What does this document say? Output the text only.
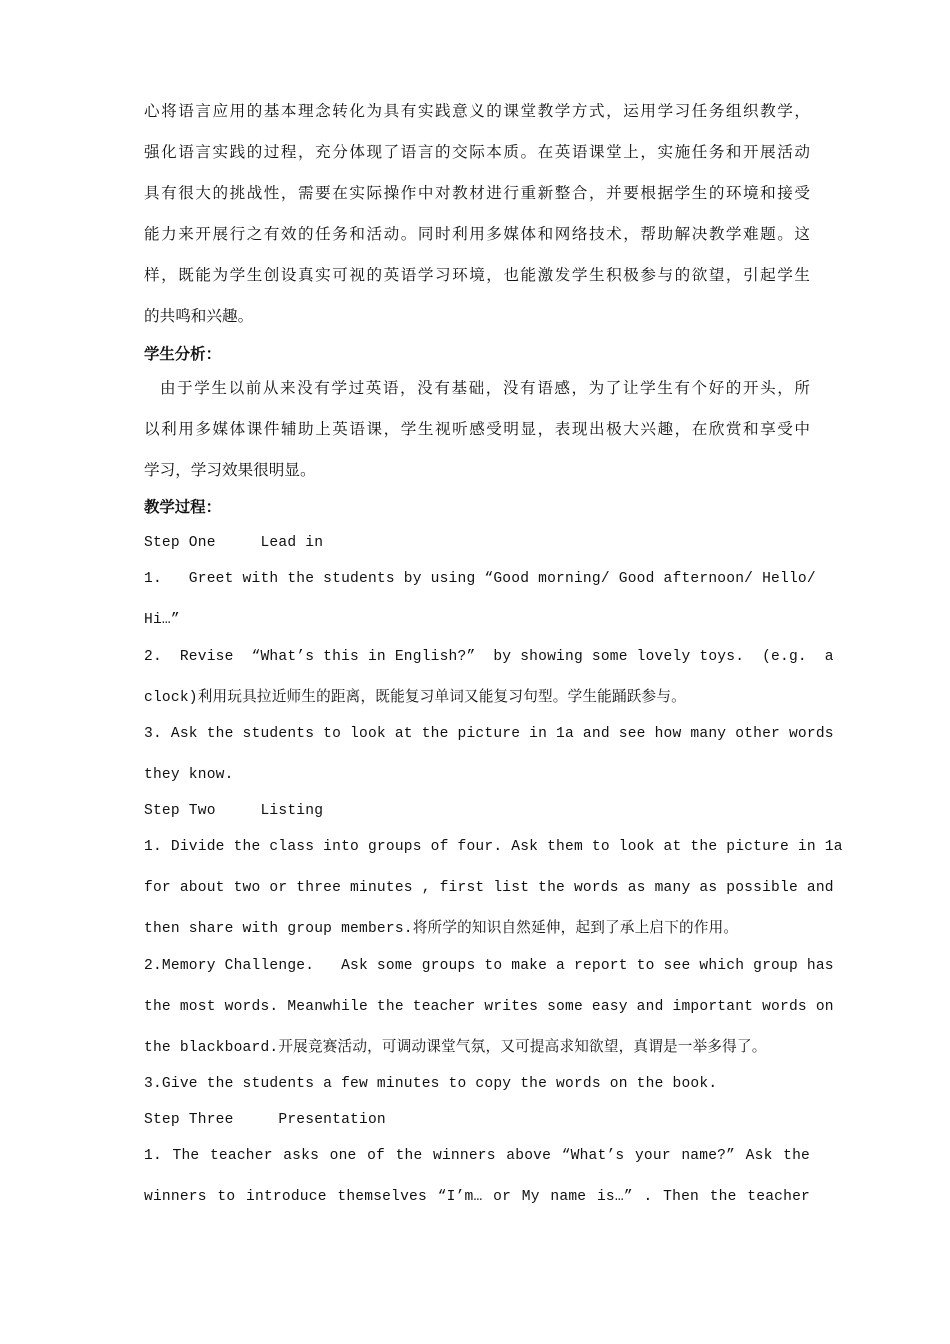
心将语言应用的基本理念转化为具有实践意义的课堂教学方式，运用学习任务组织教学，
强化语言实践的过程，充分体现了语言的交际本质。在英语课堂上，实施任务和开展活动
具有很大的挑战性，需要在实际操作中对教材进行重新整合，并要根据学生的环境和接受
能力来开展行之有效的任务和活动。同时利用多媒体和网络技术，帮助解决教学难题。这
样，既能为学生创设真实可视的英语学习环境，也能激发学生积极参与的欲望，引起学生
的共鸣和兴趣。
学生分析：
由于学生以前从来没有学过英语，没有基础，没有语感，为了让学生有个好的开头，所
以利用多媒体课件辅助上英语课，学生视听感受明显，表现出极大兴趣，在欣赏和享受中
学习，学习效果很明显。
教学过程：
Step One     Lead in
1.   Greet with the students by using “Good morning/ Good afternoon/ Hello/
Hi…”
2.  Revise  “What’s this in English?”  by showing some lovely toys.  (e.g.  a
clock)利用玩具拉近师生的距离，既能复习单词又能复习句型。学生能踊跃参与。
3. Ask the students to look at the picture in 1a and see how many other words
they know.
Step Two     Listing
1. Divide the class into groups of four. Ask them to look at the picture in 1a
for about two or three minutes , first list the words as many as possible and
then share with group members.将所学的知识自然延伸，起到了承上启下的作用。
2.Memory Challenge.   Ask some groups to make a report to see which group has
the most words. Meanwhile the teacher writes some easy and important words on
the blackboard.开展竞赛活动，可调动课堂气氛，又可提高求知欲望，真谓是一举多得了。
3.Give the students a few minutes to copy the words on the book.
Step Three     Presentation
1. The teacher asks one of the winners above “What’s your name?” Ask the
winners to introduce themselves “I’m… or My name is…” . Then the teacher
